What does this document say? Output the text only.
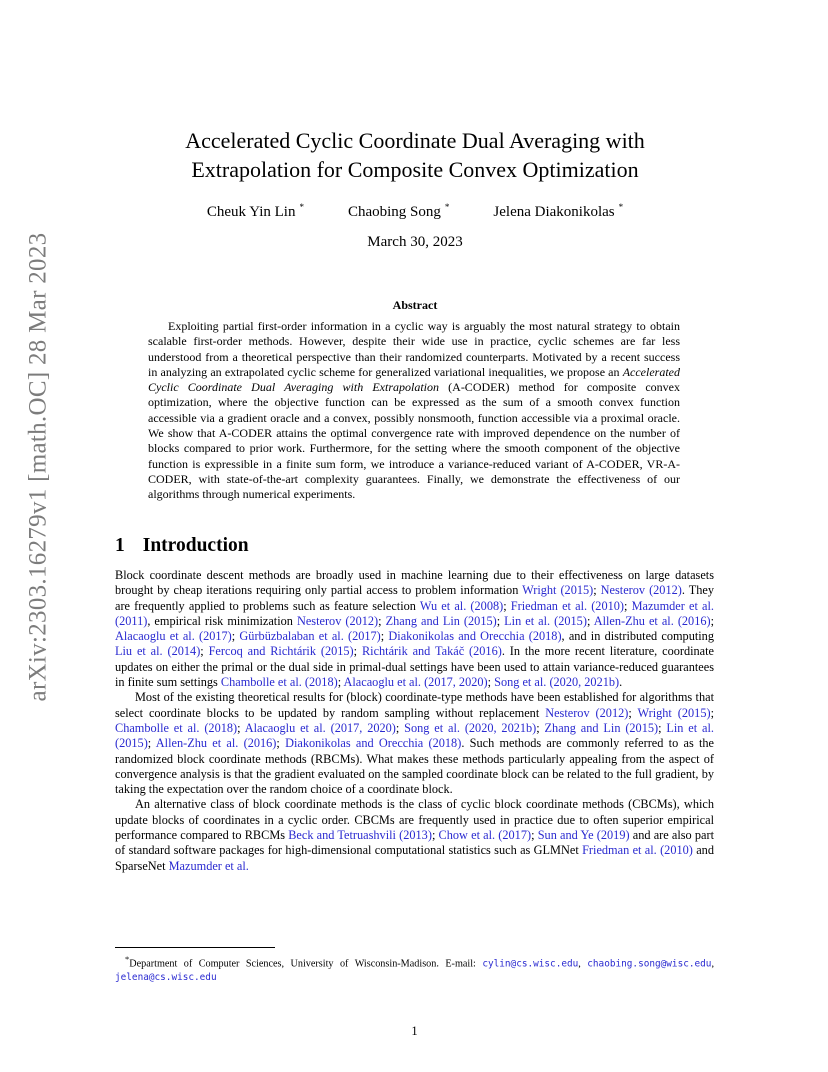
arXiv:2303.16279v1 [math.OC] 28 Mar 2023
Accelerated Cyclic Coordinate Dual Averaging with
Extrapolation for Composite Convex Optimization
Cheuk Yin Lin *	Chaobing Song *	Jelena Diakonikolas *
March 30, 2023
Abstract

Exploiting partial first-order information in a cyclic way is arguably the most natural strategy to obtain scalable first-order methods. However, despite their wide use in practice, cyclic schemes are far less understood from a theoretical perspective than their randomized counterparts. Motivated by a recent success in analyzing an extrapolated cyclic scheme for generalized variational inequalities, we propose an Accelerated Cyclic Coordinate Dual Averaging with Extrapolation (A-CODER) method for composite convex optimization, where the objective function can be expressed as the sum of a smooth convex function accessible via a gradient oracle and a convex, possibly nonsmooth, function accessible via a proximal oracle. We show that A-CODER attains the optimal convergence rate with improved dependence on the number of blocks compared to prior work. Furthermore, for the setting where the smooth component of the objective function is expressible in a finite sum form, we introduce a variance-reduced variant of A-CODER, VR-A-CODER, with state-of-the-art complexity guarantees. Finally, we demonstrate the effectiveness of our algorithms through numerical experiments.

1 Introduction

Block coordinate descent methods are broadly used in machine learning due to their effectiveness on large datasets brought by cheap iterations requiring only partial access to problem information Wright (2015); Nesterov (2012). They are frequently applied to problems such as feature selection Wu et al. (2008); Friedman et al. (2010); Mazumder et al. (2011), empirical risk minimization Nesterov (2012); Zhang and Lin (2015); Lin et al. (2015); Allen-Zhu et al. (2016); Alacaoglu et al. (2017); Gürbüzbalaban et al. (2017); Diakonikolas and Orecchia (2018), and in distributed computing Liu et al. (2014); Fercoq and Richtárik (2015); Richtárik and Takáč (2016). In the more recent literature, coordinate updates on either the primal or the dual side in primal-dual settings have been used to attain variance-reduced guarantees in finite sum settings Chambolle et al. (2018); Alacaoglu et al. (2017, 2020); Song et al. (2020, 2021b).

Most of the existing theoretical results for (block) coordinate-type methods have been established for algorithms that select coordinate blocks to be updated by random sampling without replacement Nesterov (2012); Wright (2015); Chambolle et al. (2018); Alacaoglu et al. (2017, 2020); Song et al. (2020, 2021b); Zhang and Lin (2015); Lin et al. (2015); Allen-Zhu et al. (2016); Diakonikolas and Orecchia (2018). Such methods are commonly referred to as the randomized block coordinate methods (RBCMs). What makes these methods particularly appealing from the aspect of convergence analysis is that the gradient evaluated on the sampled coordinate block can be related to the full gradient, by taking the expectation over the random choice of a coordinate block.

An alternative class of block coordinate methods is the class of cyclic block coordinate methods (CBCMs), which update blocks of coordinates in a cyclic order. CBCMs are frequently used in practice due to often superior empirical performance compared to RBCMs Beck and Tetruashvili (2013); Chow et al. (2017); Sun and Ye (2019) and are also part of standard software packages for high-dimensional computational statistics such as GLMNet Friedman et al. (2010) and SparseNet Mazumder et al.

*Department of Computer Sciences, University of Wisconsin-Madison. E-mail: cylin@cs.wisc.edu, chaobing.song@wisc.edu, jelena@cs.wisc.edu
1
